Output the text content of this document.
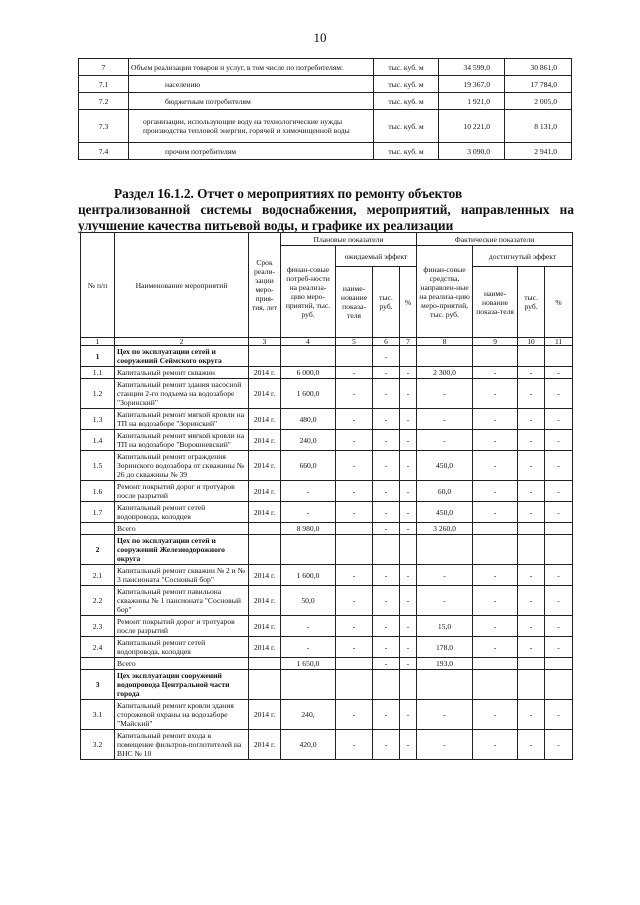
10
7	Объем реализации товаров и услуг, в том числе по потребителям:	тыс. куб. м	34 599,0	30 861,0
7.1	населению	тыс. куб. м	19 367,0	17 784,0
7.2	бюджетным потребителям	тыс. куб. м	1 921,0	2 005,0
7.3	организации, использующие воду на технологические нужды производства тепловой энергии, горячей и химочищенной воды	тыс. куб. м	10 221,0	8 131,0
7.4	прочим потребителям	тыс. куб. м	3 090,0	2 941,0
Раздел 16.1.2. Отчет о мероприятиях по ремонту объектов
централизованной системы водоснабжения, мероприятий, направленных на улучшение качества питьевой воды, и графике их реализации
№ п/п	Наименование мероприятий	Срок реали-зации меро-прия-тия, лет	Плановые показатели				Фактические показатели			
			финан-совые потреб-ности на реализа-цию меро-приятий, тыс. руб.	ожидаемый эффект			финан-совые средства, направлен-ные на реализа-цию меро-приятий, тыс. руб.	достигнутый эффект		
				наиме-нование показа-теля	тыс. руб.	%		наиме-нование показа-теля	тыс. руб.	%
1	2	3	4	5	6	7	8	9	10	11
1	Цех по эксплуатации сетей и сооружений Сеймского округа				-					
1.1	Капитальный ремонт скважин	2014 г.	6 000,0	-	-	-	2 300,0	-	-	-
1.2	Капитальный ремонт здания насосной станции 2-го подъема на водозаборе "Зоринский"	2014 г.	1 600,0	-	-	-	-	-	-	-
1.3	Капитальный ремонт мягкой кровли на ТП на водозаборе "Зоринский"	2014 г.	480,0	-	-	-	-	-	-	-
1.4	Капитальный ремонт мягкой кровли на ТП на водозаборе "Ворошневский"	2014 г.	240,0	-	-	-	-	-	-	-
1.5	Капитальный ремонт ограждения Зоринского водозабора от скважины № 26 до скважины № 39	2014 г.	660,0	-	-	-	450,0	-	-	-
1.6	Ремонт покрытий дорог и тротуаров после разрытий	2014 г.	-	-	-	-	60,0	-	-	-
1.7	Капитальный ремонт сетей водопровода, колодцев	2014 г.	-	-	-	-	450,0	-	-	-
	Всего		8 980,0		-	-	3 260,0			
2	Цех по эксплуатации сетей и сооружений Железнодорожного округа									
2.1	Капитальный ремонт скважин № 2 и № 3 пансионата "Сосновый бор"	2014 г.	1 600,0	-	-	-	-	-	-	-
2.2	Капитальный ремонт павильона скважины № 1 пансионата "Сосновый бор"	2014 г.	50,0	-	-	-	-	-	-	-
2.3	Ремонт покрытий дорог и тротуаров после разрытий	2014 г.	-	-	-	-	15,0	-	-	-
2.4	Капитальный ремонт сетей водопровода, колодцев	2014 г.	-	-	-	-	178,0	-	-	-
	Всего		1 650,0		-	-	193,0			
3	Цех эксплуатации сооружений водопровода Центральной части города									
3.1	Капитальный ремонт кровли здания сторожевой охраны на водозаборе "Майский"	2014 г.	240,	-	-	-	-	-	-	-
3.2	Капитальный ремонт входа в помещение фильтров-поглотителей на ВНС № 10	2014 г.	420,0	-	-	-	-	-	-	-
